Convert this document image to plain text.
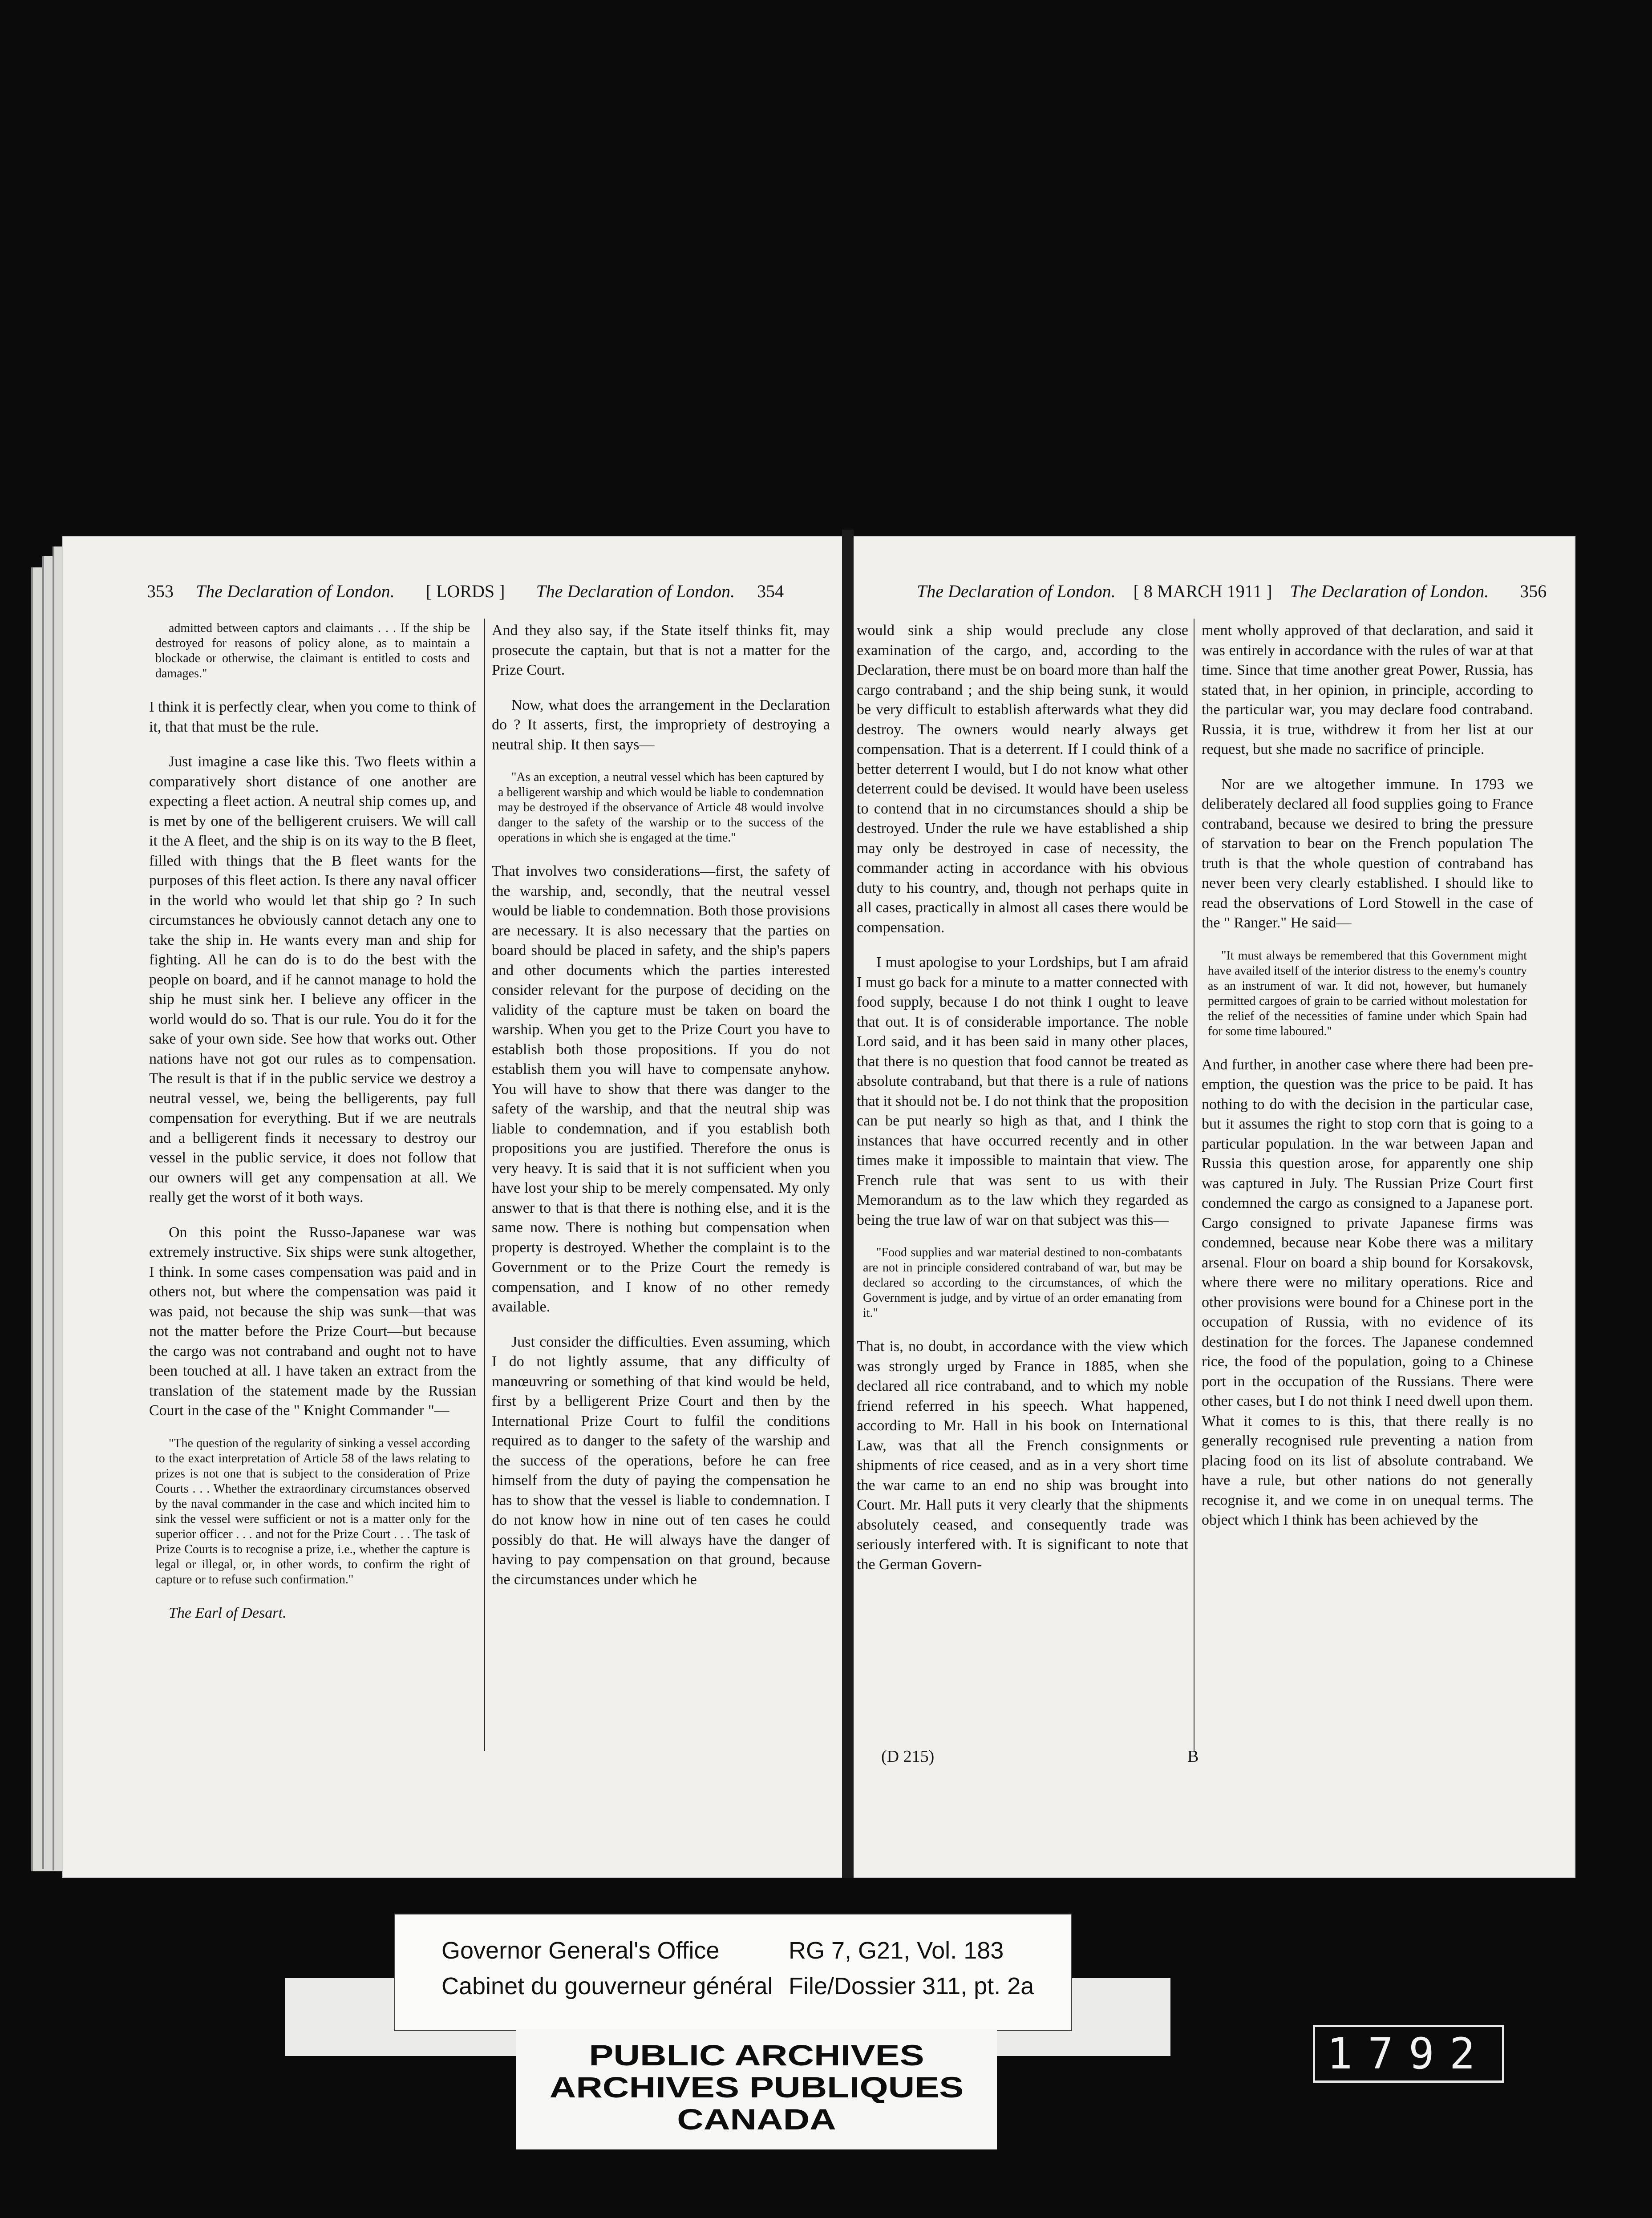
353 The Declaration of London. [ LORDS ] The Declaration of London. 354	The Declaration of London. [ 8 MARCH 1911 ] The Declaration of London. 356

admitted between captors and claimants . . . If the ship be destroyed for reasons of policy alone, as to maintain a blockade or otherwise, the claimant is entitled to costs and damages."

I think it is perfectly clear, when you come to think of it, that that must be the rule.

Just imagine a case like this. Two fleets within a comparatively short distance of one another are expecting a fleet action. A neutral ship comes up, and is met by one of the belligerent cruisers. We will call it the A fleet, and the ship is on its way to the B fleet, filled with things that the B fleet wants for the purposes of this fleet action. Is there any naval officer in the world who would let that ship go ? In such circumstances he obviously cannot detach any one to take the ship in. He wants every man and ship for fighting. All he can do is to do the best with the people on board, and if he cannot manage to hold the ship he must sink her. I believe any officer in the world would do so. That is our rule. You do it for the sake of your own side. See how that works out. Other nations have not got our rules as to compensation. The result is that if in the public service we destroy a neutral vessel, we, being the belligerents, pay full compensation for everything. But if we are neutrals and a belligerent finds it necessary to destroy our vessel in the public service, it does not follow that our owners will get any compensation at all. We really get the worst of it both ways.

On this point the Russo-Japanese war was extremely instructive. Six ships were sunk altogether, I think. In some cases compensation was paid and in others not, but where the compensation was paid it was paid, not because the ship was sunk—that was not the matter before the Prize Court—but because the cargo was not contraband and ought not to have been touched at all. I have taken an extract from the translation of the statement made by the Russian Court in the case of the " Knight Commander "—

"The question of the regularity of sinking a vessel according to the exact interpretation of Article 58 of the laws relating to prizes is not one that is subject to the consideration of Prize Courts . . . Whether the extraordinary circumstances observed by the naval commander in the case and which incited him to sink the vessel were sufficient or not is a matter only for the superior officer . . . and not for the Prize Court . . . The task of Prize Courts is to recognise a prize, i.e., whether the capture is legal or illegal, or, in other words, to confirm the right of capture or to refuse such confirmation."

The Earl of Desart.

And they also say, if the State itself thinks fit, may prosecute the captain, but that is not a matter for the Prize Court.

Now, what does the arrangement in the Declaration do ? It asserts, first, the impropriety of destroying a neutral ship. It then says—

"As an exception, a neutral vessel which has been captured by a belligerent warship and which would be liable to condemnation may be destroyed if the observance of Article 48 would involve danger to the safety of the warship or to the success of the operations in which she is engaged at the time."

That involves two considerations—first, the safety of the warship, and, secondly, that the neutral vessel would be liable to condemnation. Both those provisions are necessary. It is also necessary that the parties on board should be placed in safety, and the ship's papers and other documents which the parties interested consider relevant for the purpose of deciding on the validity of the capture must be taken on board the warship. When you get to the Prize Court you have to establish both those propositions. If you do not establish them you will have to compensate anyhow. You will have to show that there was danger to the safety of the warship, and that the neutral ship was liable to condemnation, and if you establish both propositions you are justified. Therefore the onus is very heavy. It is said that it is not sufficient when you have lost your ship to be merely compensated. My only answer to that is that there is nothing else, and it is the same now. There is nothing but compensation when property is destroyed. Whether the complaint is to the Government or to the Prize Court the remedy is compensation, and I know of no other remedy available.

Just consider the difficulties. Even assuming, which I do not lightly assume, that any difficulty of manœuvring or something of that kind would be held, first by a belligerent Prize Court and then by the International Prize Court to fulfil the conditions required as to danger to the safety of the warship and the success of the operations, before he can free himself from the duty of paying the compensation he has to show that the vessel is liable to condemnation. I do not know how in nine out of ten cases he could possibly do that. He will always have the danger of having to pay compensation on that ground, because the circumstances under which he

would sink a ship would preclude any close examination of the cargo, and, according to the Declaration, there must be on board more than half the cargo contraband ; and the ship being sunk, it would be very difficult to establish afterwards what they did destroy. The owners would nearly always get compensation. That is a deterrent. If I could think of a better deterrent I would, but I do not know what other deterrent could be devised. It would have been useless to contend that in no circumstances should a ship be destroyed. Under the rule we have established a ship may only be destroyed in case of necessity, the commander acting in accordance with his obvious duty to his country, and, though not perhaps quite in all cases, practically in almost all cases there would be compensation.

I must apologise to your Lordships, but I am afraid I must go back for a minute to a matter connected with food supply, because I do not think I ought to leave that out. It is of considerable importance. The noble Lord said, and it has been said in many other places, that there is no question that food cannot be treated as absolute contraband, but that there is a rule of nations that it should not be. I do not think that the proposition can be put nearly so high as that, and I think the instances that have occurred recently and in other times make it impossible to maintain that view. The French rule that was sent to us with their Memorandum as to the law which they regarded as being the true law of war on that subject was this—

"Food supplies and war material destined to non-combatants are not in principle considered contraband of war, but may be declared so according to the circumstances, of which the Government is judge, and by virtue of an order emanating from it."

That is, no doubt, in accordance with the view which was strongly urged by France in 1885, when she declared all rice contraband, and to which my noble friend referred in his speech. What happened, according to Mr. Hall in his book on International Law, was that all the French consignments or shipments of rice ceased, and as in a very short time the war came to an end no ship was brought into Court. Mr. Hall puts it very clearly that the shipments absolutely ceased, and consequently trade was seriously interfered with. It is significant to note that the German Govern-

ment wholly approved of that declaration, and said it was entirely in accordance with the rules of war at that time. Since that time another great Power, Russia, has stated that, in her opinion, in principle, according to the particular war, you may declare food contraband. Russia, it is true, withdrew it from her list at our request, but she made no sacrifice of principle.

Nor are we altogether immune. In 1793 we deliberately declared all food supplies going to France contraband, because we desired to bring the pressure of starvation to bear on the French population The truth is that the whole question of contraband has never been very clearly established. I should like to read the observations of Lord Stowell in the case of the " Ranger." He said—

"It must always be remembered that this Government might have availed itself of the interior distress to the enemy's country as an instrument of war. It did not, however, but humanely permitted cargoes of grain to be carried without molestation for the relief of the necessities of famine under which Spain had for some time laboured."

And further, in another case where there had been pre-emption, the question was the price to be paid. It has nothing to do with the decision in the particular case, but it assumes the right to stop corn that is going to a particular population. In the war between Japan and Russia this question arose, for apparently one ship was captured in July. The Russian Prize Court first condemned the cargo as consigned to a Japanese port. Cargo consigned to private Japanese firms was condemned, because near Kobe there was a military arsenal. Flour on board a ship bound for Korsakovsk, where there were no military operations. Rice and other provisions were bound for a Chinese port in the occupation of Russia, with no evidence of its destination for the forces. The Japanese condemned rice, the food of the population, going to a Chinese port in the occupation of the Russians. There were other cases, but I do not think I need dwell upon them. What it comes to is this, that there really is no generally recognised rule preventing a nation from placing food on its list of absolute contraband. We have a rule, but other nations do not generally recognise it, and we come in on unequal terms. The object which I think has been achieved by the

(D 215)	B
Governor General's Office
Cabinet du gouverneur général
RG 7, G21, Vol. 183
File/Dossier 311, pt. 2a
PUBLIC ARCHIVES
ARCHIVES PUBLIQUES
CANADA
1792
